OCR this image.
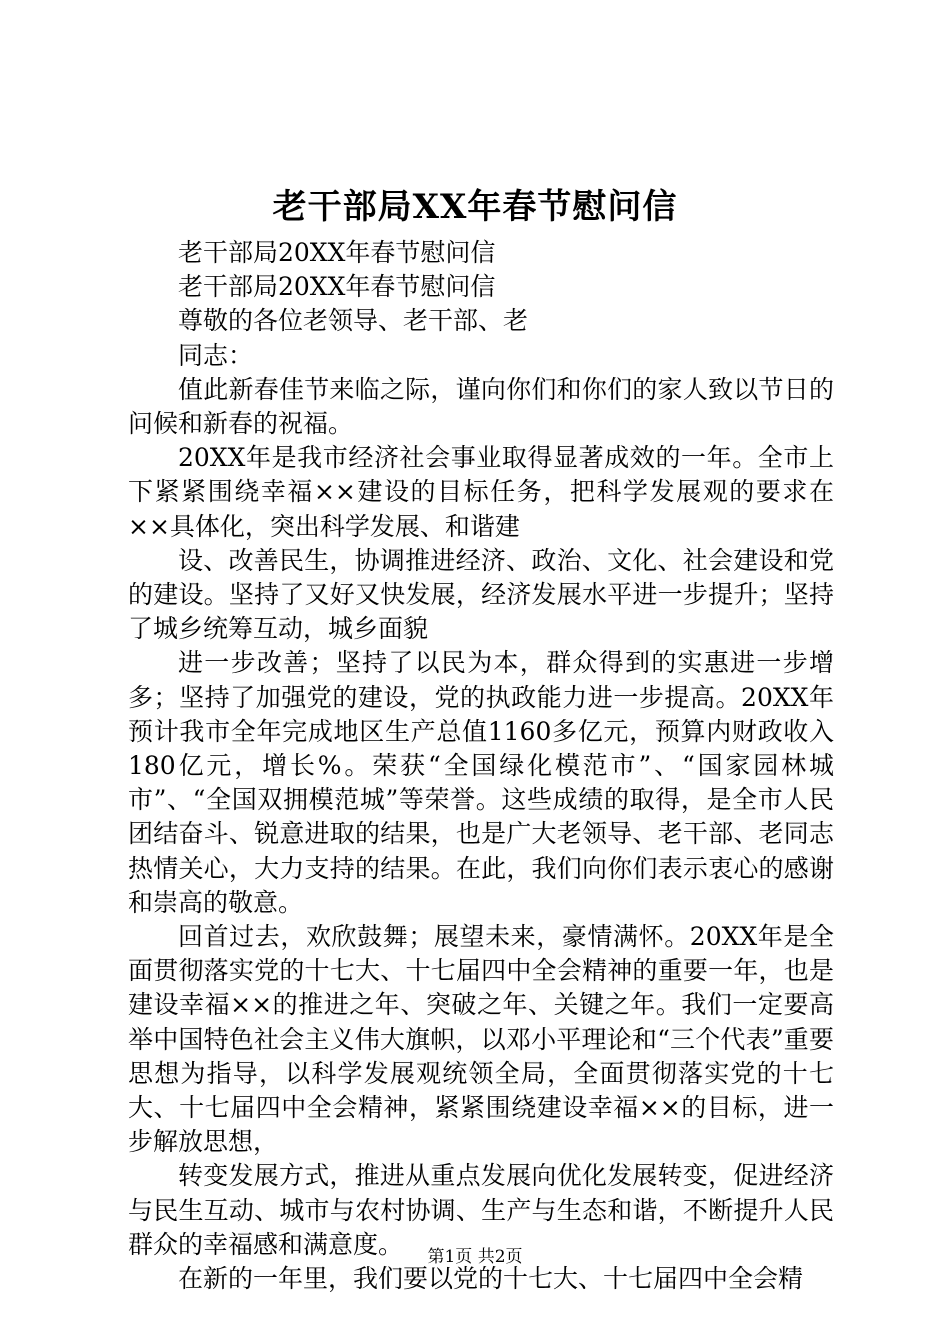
老干部局XX年春节慰问信

老干部局20XX年春节慰问信

老干部局20XX年春节慰问信

尊敬的各位老领导、老干部、老

同志：

值此新春佳节来临之际，谨向你们和你们的家人致以节日的问候和新春的祝福。

20XX年是我市经济社会事业取得显著成效的一年。全市上下紧紧围绕幸福××建设的目标任务，把科学发展观的要求在××具体化，突出科学发展、和谐建

设、改善民生，协调推进经济、政治、文化、社会建设和党的建设。坚持了又好又快发展，经济发展水平进一步提升；坚持了城乡统筹互动，城乡面貌

进一步改善；坚持了以民为本，群众得到的实惠进一步增多；坚持了加强党的建设，党的执政能力进一步提高。20XX年预计我市全年完成地区生产总值1160多亿元，预算内财政收入180亿元，增长%。荣获“全国绿化模范市”、“国家园林城市”、“全国双拥模范城”等荣誉。这些成绩的取得，是全市人民团结奋斗、锐意进取的结果，也是广大老领导、老干部、老同志热情关心，大力支持的结果。在此，我们向你们表示衷心的感谢和崇高的敬意。

回首过去，欢欣鼓舞；展望未来，豪情满怀。20XX年是全面贯彻落实党的十七大、十七届四中全会精神的重要一年，也是建设幸福××的推进之年、突破之年、关键之年。我们一定要高举中国特色社会主义伟大旗帜，以邓小平理论和“三个代表”重要思想为指导，以科学发展观统领全局，全面贯彻落实党的十七大、十七届四中全会精神，紧紧围绕建设幸福××的目标，进一步解放思想，

转变发展方式，推进从重点发展向优化发展转变，促进经济与民生互动、城市与农村协调、生产与生态和谐，不断提升人民群众的幸福感和满意度。

在新的一年里，我们要以党的十七大、十七届四中全会精

第1页 共2页
